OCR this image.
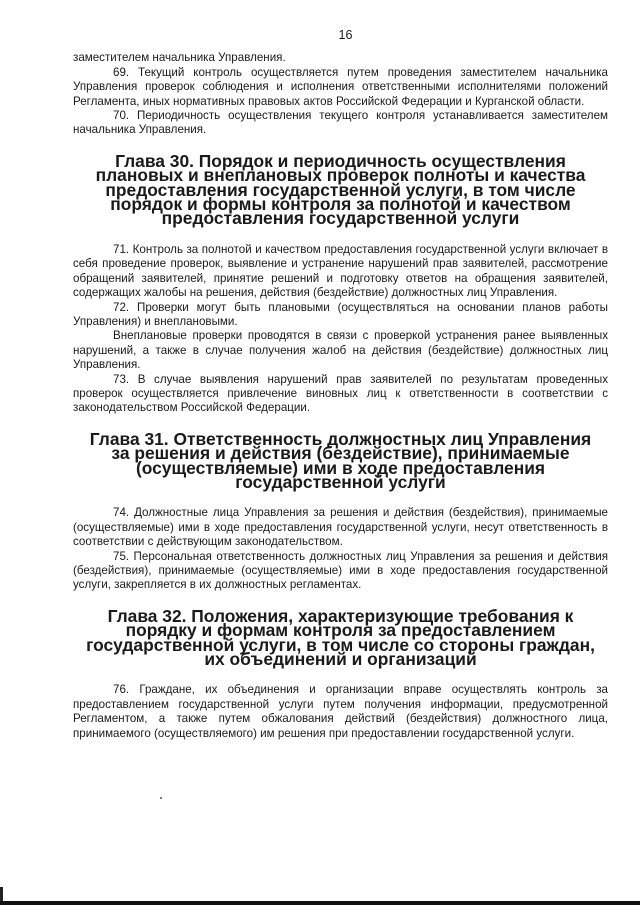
16

заместителем начальника Управления.

69. Текущий контроль осуществляется путем проведения заместителем начальника Управления проверок соблюдения и исполнения ответственными исполнителями положений Регламента, иных нормативных правовых актов Российской Федерации и Курганской области.

70. Периодичность осуществления текущего контроля устанавливается заместителем начальника Управления.

Глава 30. Порядок и периодичность осуществления плановых и внеплановых проверок полноты и качества предоставления государственной услуги, в том числе порядок и формы контроля за полнотой и качеством предоставления государственной услуги

71. Контроль за полнотой и качеством предоставления государственной услуги включает в себя проведение проверок, выявление и устранение нарушений прав заявителей, рассмотрение обращений заявителей, принятие решений и подготовку ответов на обращения заявителей, содержащих жалобы на решения, действия (бездействие) должностных лиц Управления.

72. Проверки могут быть плановыми (осуществляться на основании планов работы Управления) и внеплановыми.

Внеплановые проверки проводятся в связи с проверкой устранения ранее выявленных нарушений, а также в случае получения жалоб на действия (бездействие) должностных лиц Управления.

73. В случае выявления нарушений прав заявителей по результатам проведенных проверок осуществляется привлечение виновных лиц к ответственности в соответствии с законодательством Российской Федерации.

Глава 31. Ответственность должностных лиц Управления за решения и действия (бездействие), принимаемые (осуществляемые) ими в ходе предоставления государственной услуги

74. Должностные лица Управления за решения и действия (бездействия), принимаемые (осуществляемые) ими в ходе предоставления государственной услуги, несут ответственность в соответствии с действующим законодательством.

75. Персональная ответственность должностных лиц Управления за решения и действия (бездействия), принимаемые (осуществляемые) ими в ходе предоставления государственной услуги, закрепляется в их должностных регламентах.

Глава 32. Положения, характеризующие требования к порядку и формам контроля за предоставлением государственной услуги, в том числе со стороны граждан, их объединений и организаций

76. Граждане, их объединения и организации вправе осуществлять контроль за предоставлением государственной услуги путем получения информации, предусмотренной Регламентом, а также путем обжалования действий (бездействия) должностного лица, принимаемого (осуществляемого) им решения при предоставлении государственной услуги.
